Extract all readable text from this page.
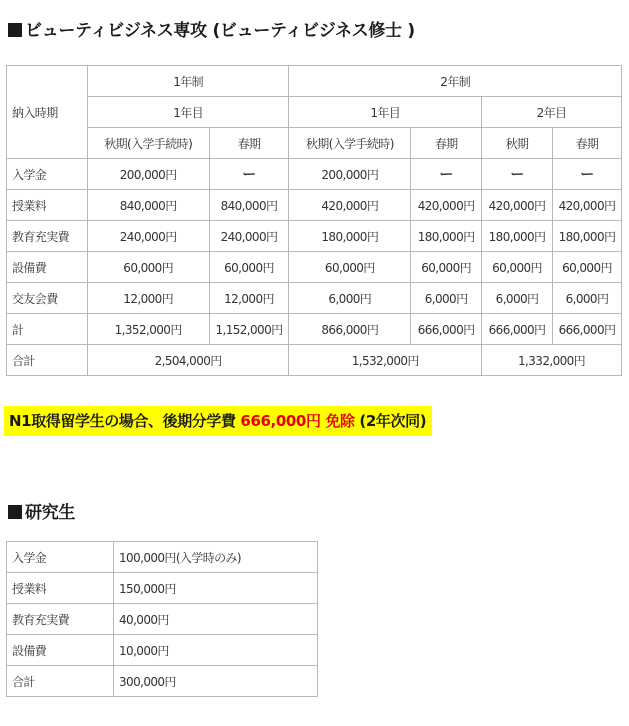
ビューティビジネス専攻 (ビューティビジネス修士 )
納入時期	1年制		2年制			
	1年目		1年目		2年目	
	秋期(入学手続時)	春期	秋期(入学手続時)	春期	秋期	春期
入学金	200,000円	ー	200,000円	ー	ー	ー
授業料	840,000円	840,000円	420,000円	420,000円	420,000円	420,000円
教育充実費	240,000円	240,000円	180,000円	180,000円	180,000円	180,000円
設備費	60,000円	60,000円	60,000円	60,000円	60,000円	60,000円
交友会費	12,000円	12,000円	6,000円	6,000円	6,000円	6,000円
計	1,352,000円	1,152,000円	866,000円	666,000円	666,000円	666,000円
合計	2,504,000円		1,532,000円		1,332,000円	
N1取得留学生の場合、後期分学費 666,000円 免除 (2年次同)
研究生
入学金	100,000円(入学時のみ)
授業料	150,000円
教育充実費	40,000円
設備費	10,000円
合計	300,000円
